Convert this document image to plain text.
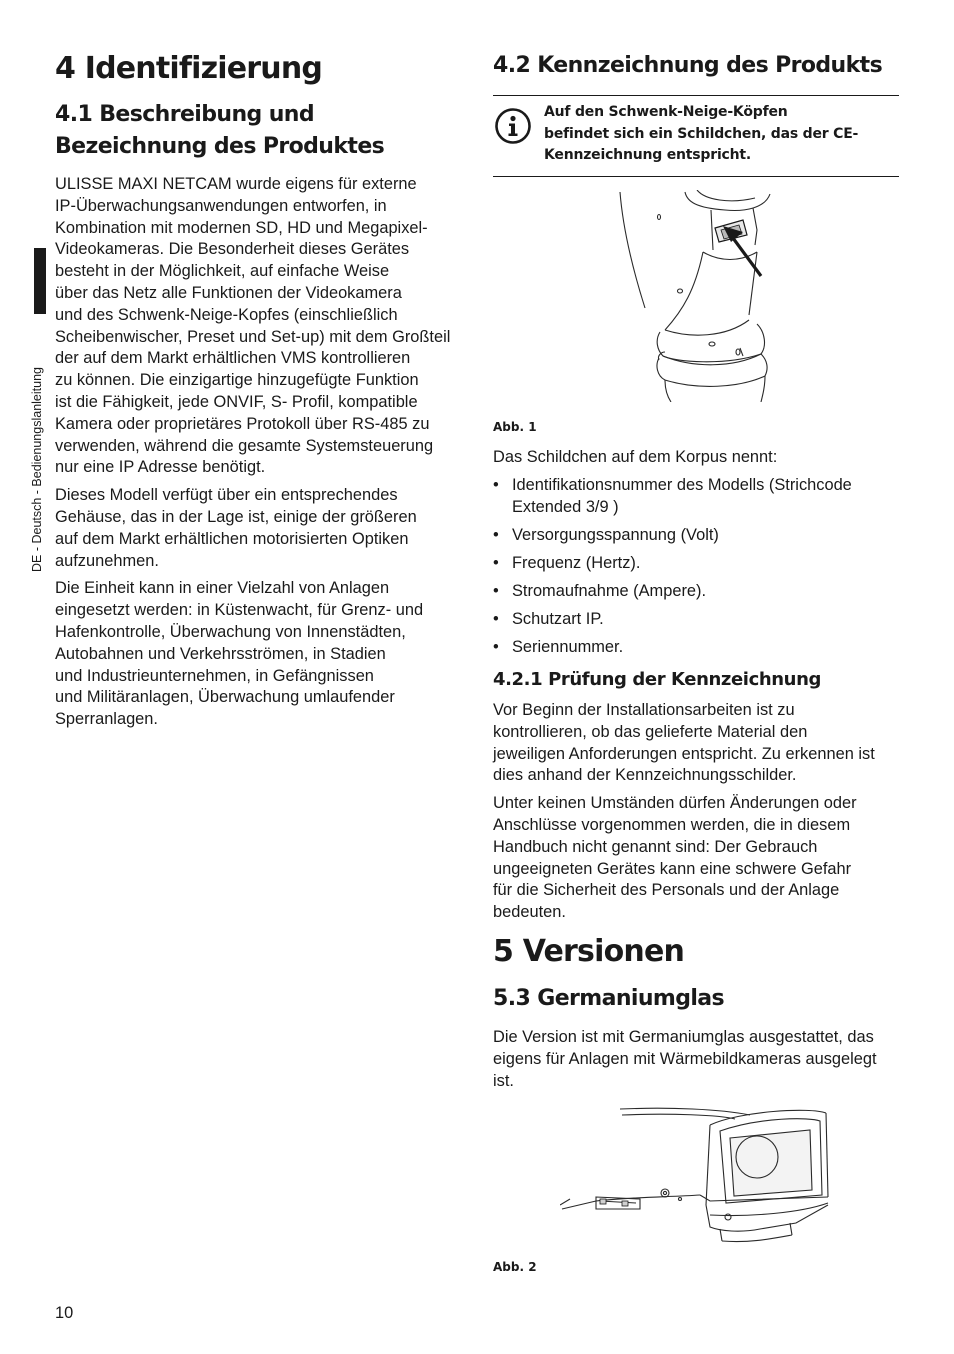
DE - Deutsch - Bedienungslanleitung
4 Identifizierung
4.1 Beschreibung und
Bezeichnung des Produktes
ULISSE MAXI NETCAM wurde eigens für externe
IP-Überwachungsanwendungen entworfen, in
Kombination mit modernen SD, HD und Megapixel-
Videokameras. Die Besonderheit dieses Gerätes
besteht in der Möglichkeit, auf einfache Weise
über das Netz alle Funktionen der Videokamera
und des Schwenk-Neige-Kopfes (einschließlich
Scheibenwischer, Preset und Set-up) mit dem Großteil
der auf dem Markt erhältlichen VMS kontrollieren
zu können. Die einzigartige hinzugefügte Funktion
ist die Fähigkeit, jede ONVIF, S- Profil, kompatible
Kamera oder proprietäres Protokoll über RS-485 zu
verwenden, während die gesamte Systemsteuerung
nur eine IP Adresse benötigt.
Dieses Modell verfügt über ein entsprechendes
Gehäuse, das in der Lage ist, einige der größeren
auf dem Markt erhältlichen motorisierten Optiken
aufzunehmen.
Die Einheit kann in einer Vielzahl von Anlagen
eingesetzt werden: in Küstenwacht, für Grenz- und
Hafenkontrolle, Überwachung von Innenstädten,
Autobahnen und Verkehrsströmen, in Stadien
und Industrieunternehmen, in Gefängnissen
und Militäranlagen, Überwachung umlaufender
Sperranlagen.
4.2 Kennzeichnung des Produkts
Auf den Schwenk-Neige-Köpfen
befindet sich ein Schildchen, das der CE-
Kennzeichnung entspricht.
Abb. 1
Das Schildchen auf dem Korpus nennt:
• Identifikationsnummer des Modells (Strichcode
Extended 3/9 )
• Versorgungsspannung (Volt)
• Frequenz (Hertz).
• Stromaufnahme (Ampere).
• Schutzart IP.
• Seriennummer.
4.2.1 Prüfung der Kennzeichnung
Vor Beginn der Installationsarbeiten ist zu
kontrollieren, ob das gelieferte Material den
jeweiligen Anforderungen entspricht. Zu erkennen ist
dies anhand der Kennzeichnungsschilder.
Unter keinen Umständen dürfen Änderungen oder
Anschlüsse vorgenommen werden, die in diesem
Handbuch nicht genannt sind: Der Gebrauch
ungeeigneten Gerätes kann eine schwere Gefahr
für die Sicherheit des Personals und der Anlage
bedeuten.
5 Versionen
5.3 Germaniumglas
Die Version ist mit Germaniumglas ausgestattet, das
eigens für Anlagen mit Wärmebildkameras ausgelegt
ist.
Abb. 2
10
